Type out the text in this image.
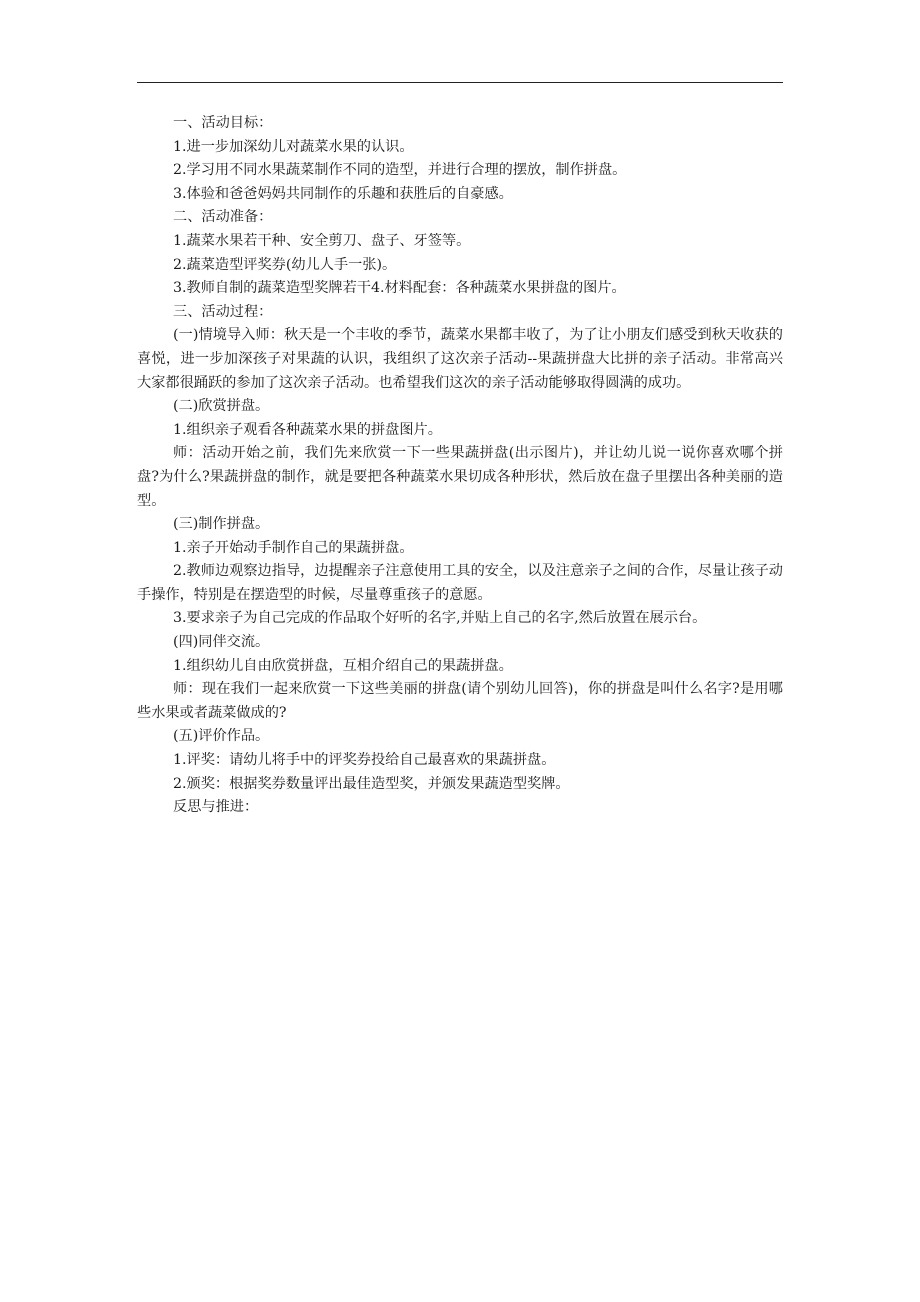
一、活动目标：

1.进一步加深幼儿对蔬菜水果的认识。

2.学习用不同水果蔬菜制作不同的造型，并进行合理的摆放，制作拼盘。

3.体验和爸爸妈妈共同制作的乐趣和获胜后的自豪感。

二、活动准备：

1.蔬菜水果若干种、安全剪刀、盘子、牙签等。

2.蔬菜造型评奖券(幼儿人手一张)。

3.教师自制的蔬菜造型奖牌若干4.材料配套：各种蔬菜水果拼盘的图片。

三、活动过程：

(一)情境导入师：秋天是一个丰收的季节，蔬菜水果都丰收了，为了让小朋友们感受到秋天收获的喜悦，进一步加深孩子对果蔬的认识，我组织了这次亲子活动--果蔬拼盘大比拼的亲子活动。非常高兴大家都很踊跃的参加了这次亲子活动。也希望我们这次的亲子活动能够取得圆满的成功。

(二)欣赏拼盘。

1.组织亲子观看各种蔬菜水果的拼盘图片。

师：活动开始之前，我们先来欣赏一下一些果蔬拼盘(出示图片)，并让幼儿说一说你喜欢哪个拼盘?为什么?果蔬拼盘的制作，就是要把各种蔬菜水果切成各种形状，然后放在盘子里摆出各种美丽的造型。

(三)制作拼盘。

1.亲子开始动手制作自己的果蔬拼盘。

2.教师边观察边指导，边提醒亲子注意使用工具的安全，以及注意亲子之间的合作，尽量让孩子动手操作，特别是在摆造型的时候，尽量尊重孩子的意愿。

3.要求亲子为自己完成的作品取个好听的名字,并贴上自己的名字,然后放置在展示台。

(四)同伴交流。

1.组织幼儿自由欣赏拼盘，互相介绍自己的果蔬拼盘。

师：现在我们一起来欣赏一下这些美丽的拼盘(请个别幼儿回答)，你的拼盘是叫什么名字?是用哪些水果或者蔬菜做成的?

(五)评价作品。

1.评奖：请幼儿将手中的评奖券投给自己最喜欢的果蔬拼盘。

2.颁奖：根据奖券数量评出最佳造型奖，并颁发果蔬造型奖牌。

反思与推进：
